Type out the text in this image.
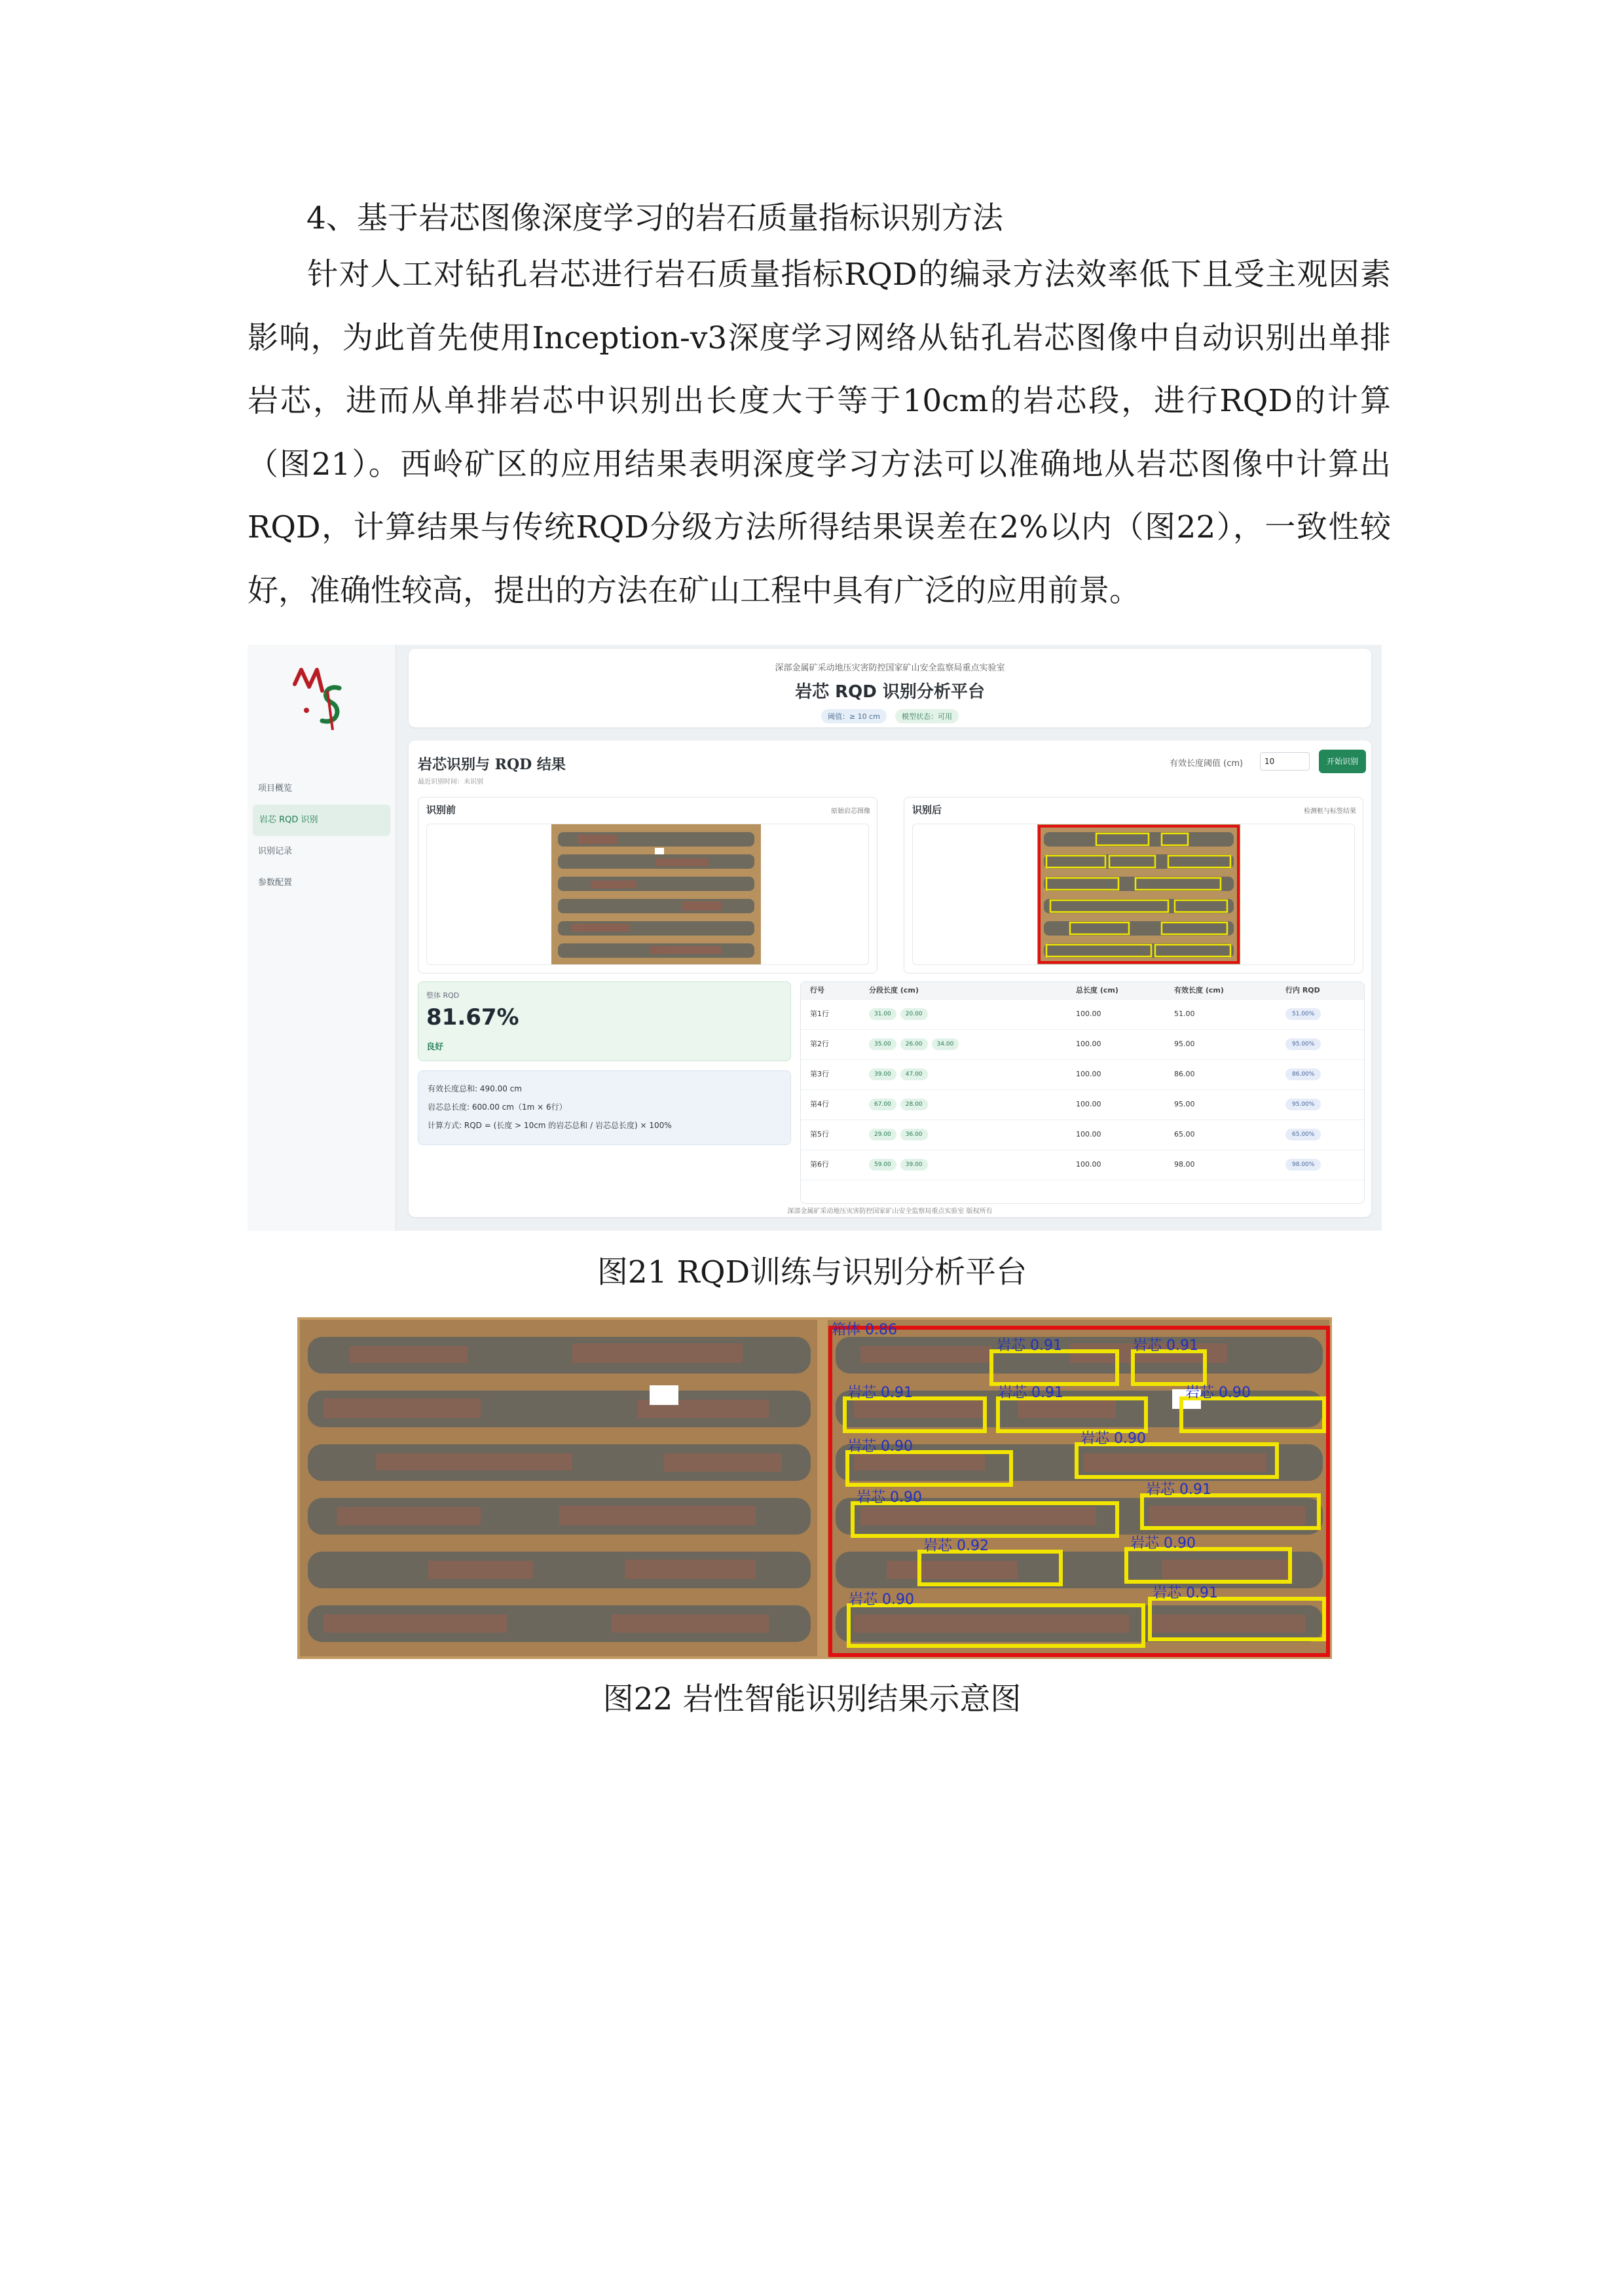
4、基于岩芯图像深度学习的岩石质量指标识别方法
针对人工对钻孔岩芯进行岩石质量指标RQD的编录方法效率低下且受主观因素影响，为此首先使用Inception-v3深度学习网络从钻孔岩芯图像中自动识别出单排岩芯，进而从单排岩芯中识别出长度大于等于10cm的岩芯段，进行RQD的计算（图21）。西岭矿区的应用结果表明深度学习方法可以准确地从岩芯图像中计算出RQD，计算结果与传统RQD分级方法所得结果误差在2%以内（图22），一致性较好，准确性较高，提出的方法在矿山工程中具有广泛的应用前景。
项目概览
岩芯 RQD 识别
识别记录
参数配置
深部金属矿采动地压灾害防控国家矿山安全监察局重点实验室
岩芯 RQD 识别分析平台
阈值：≥ 10 cm	模型状态：可用
岩芯识别与 RQD 结果
最近识别时间：未识别
有效长度阈值 (cm)	10	开始识别
识别前	原始岩芯图像	识别后	检测框与标签结果
整体 RQD
81.67%
良好
有效长度总和: 490.00 cm
岩芯总长度: 600.00 cm（1m × 6行）
计算方式: RQD = (长度 > 10cm 的岩芯总和 / 岩芯总长度) × 100%
行号	分段长度 (cm)	总长度 (cm)	有效长度 (cm)	行内 RQD
第1行	31.00 20.00	100.00	51.00	51.00%
第2行	35.00 26.00 34.00	100.00	95.00	95.00%
第3行	39.00 47.00	100.00	86.00	86.00%
第4行	67.00 28.00	100.00	95.00	95.00%
第5行	29.00 36.00	100.00	65.00	65.00%
第6行	59.00 39.00	100.00	98.00	98.00%
深部金属矿采动地压灾害防控国家矿山安全监察局重点实验室 版权所有
图21 RQD训练与识别分析平台
箱体 0.86
岩芯 0.91	岩芯 0.91
岩芯 0.91	岩芯 0.91	岩芯 0.90
岩芯 0.90	岩芯 0.90
岩芯 0.90	岩芯 0.91
岩芯 0.92	岩芯 0.90
岩芯 0.90	岩芯 0.91
图22 岩性智能识别结果示意图
